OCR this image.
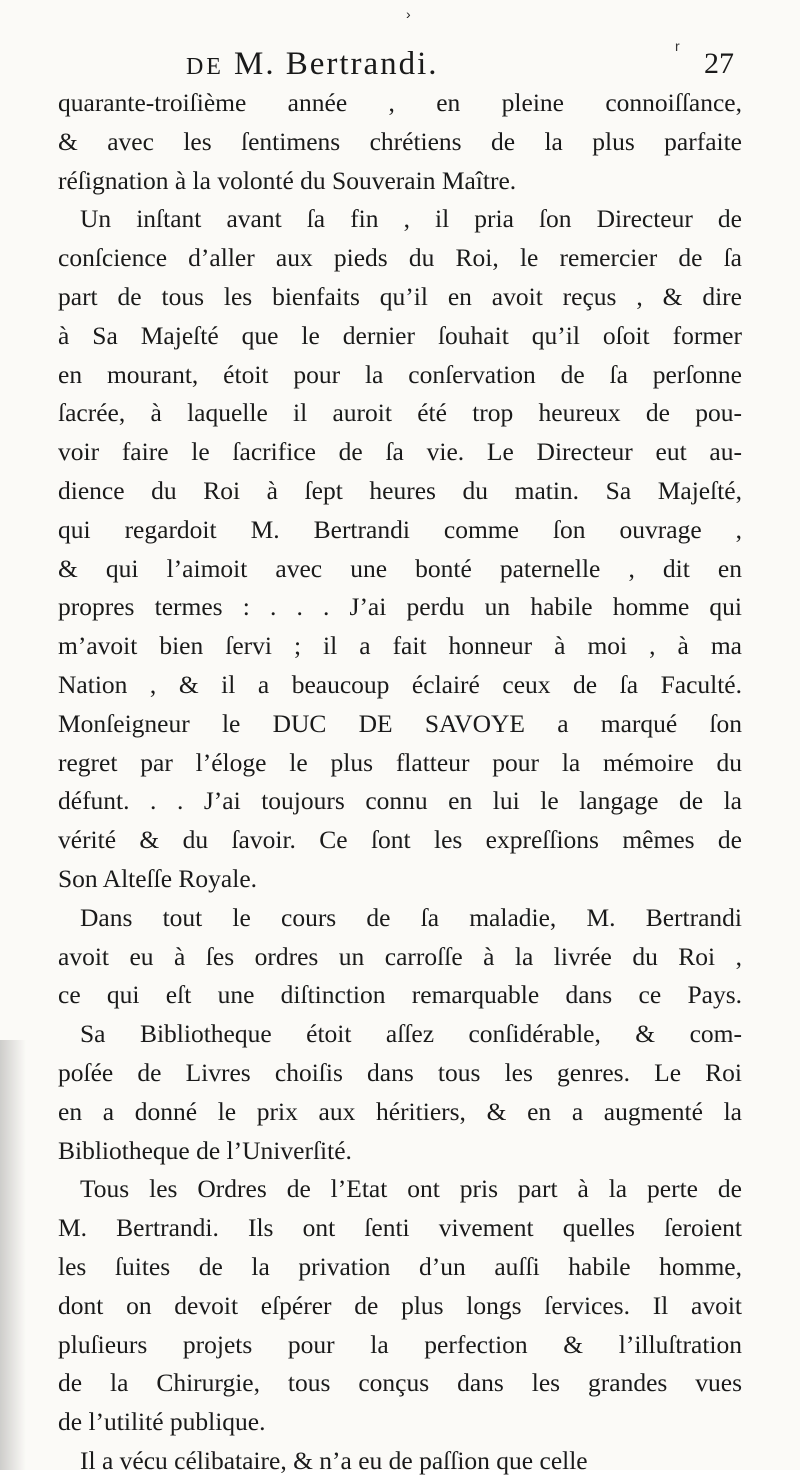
›
r
DE M. Bertrandi.	27
quarante-troiſième année , en pleine connoiſſance,
& avec les ſentimens chrétiens de la plus parfaite
réſignation à la volonté du Souverain Maître.
Un inſtant avant ſa fin , il pria ſon Directeur de
conſcience d’aller aux pieds du Roi, le remercier de ſa
part de tous les bienfaits qu’il en avoit reçus , & dire
à Sa Majeſté que le dernier ſouhait qu’il oſoit former
en mourant, étoit pour la conſervation de ſa perſonne
ſacrée, à laquelle il auroit été trop heureux de pou-
voir faire le ſacrifice de ſa vie. Le Directeur eut au-
dience du Roi à ſept heures du matin. Sa Majeſté,
qui regardoit M. Bertrandi comme ſon ouvrage ,
& qui l’aimoit avec une bonté paternelle , dit en
propres termes : . . . J’ai perdu un habile homme qui
m’avoit bien ſervi ; il a fait honneur à moi , à ma
Nation , & il a beaucoup éclairé ceux de ſa Faculté.
Monſeigneur le DUC DE SAVOYE a marqué ſon
regret par l’éloge le plus flatteur pour la mémoire du
défunt. . . J’ai toujours connu en lui le langage de la
vérité & du ſavoir. Ce ſont les expreſſions mêmes de
Son Alteſſe Royale.
Dans tout le cours de ſa maladie, M. Bertrandi
avoit eu à ſes ordres un carroſſe à la livrée du Roi ,
ce qui eſt une diſtinction remarquable dans ce Pays.
Sa Bibliotheque étoit aſſez conſidérable, & com-
poſée de Livres choiſis dans tous les genres. Le Roi
en a donné le prix aux héritiers, & en a augmenté la
Bibliotheque de l’Univerſité.
Tous les Ordres de l’Etat ont pris part à la perte de
M. Bertrandi. Ils ont ſenti vivement quelles ſeroient
les ſuites de la privation d’un auſſi habile homme,
dont on devoit eſpérer de plus longs ſervices. Il avoit
pluſieurs projets pour la perfection & l’illuſtration
de la Chirurgie, tous conçus dans les grandes vues
de l’utilité publique.
Il a vécu célibataire, & n’a eu de paſſion que celle
